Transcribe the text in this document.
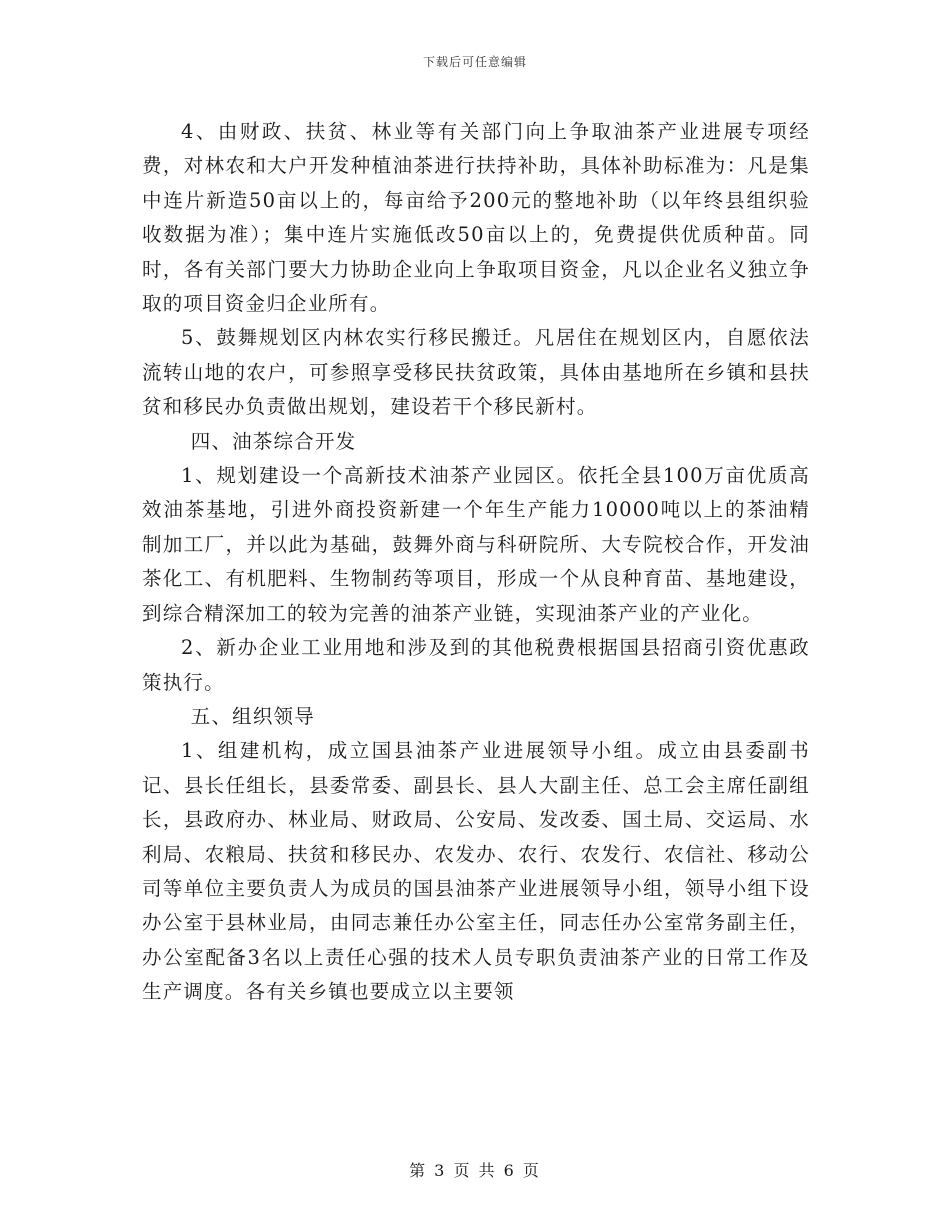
下载后可任意编辑

4、由财政、扶贫、林业等有关部门向上争取油茶产业进展专项经费，对林农和大户开发种植油茶进行扶持补助，具体补助标准为：凡是集中连片新造50亩以上的，每亩给予200元的整地补助（以年终县组织验收数据为准）；集中连片实施低改50亩以上的，免费提供优质种苗。同时，各有关部门要大力协助企业向上争取项目资金，凡以企业名义独立争取的项目资金归企业所有。

5、鼓舞规划区内林农实行移民搬迁。凡居住在规划区内，自愿依法流转山地的农户，可参照享受移民扶贫政策，具体由基地所在乡镇和县扶贫和移民办负责做出规划，建设若干个移民新村。

四、油茶综合开发

1、规划建设一个高新技术油茶产业园区。依托全县100万亩优质高效油茶基地，引进外商投资新建一个年生产能力10000吨以上的茶油精制加工厂，并以此为基础，鼓舞外商与科研院所、大专院校合作，开发油茶化工、有机肥料、生物制药等项目，形成一个从良种育苗、基地建设，到综合精深加工的较为完善的油茶产业链，实现油茶产业的产业化。

2、新办企业工业用地和涉及到的其他税费根据国县招商引资优惠政策执行。

五、组织领导

1、组建机构，成立国县油茶产业进展领导小组。成立由县委副书记、县长任组长，县委常委、副县长、县人大副主任、总工会主席任副组长，县政府办、林业局、财政局、公安局、发改委、国土局、交运局、水利局、农粮局、扶贫和移民办、农发办、农行、农发行、农信社、移动公司等单位主要负责人为成员的国县油茶产业进展领导小组，领导小组下设办公室于县林业局，由同志兼任办公室主任，同志任办公室常务副主任，办公室配备3名以上责任心强的技术人员专职负责油茶产业的日常工作及生产调度。各有关乡镇也要成立以主要领

第 3 页 共 6 页
